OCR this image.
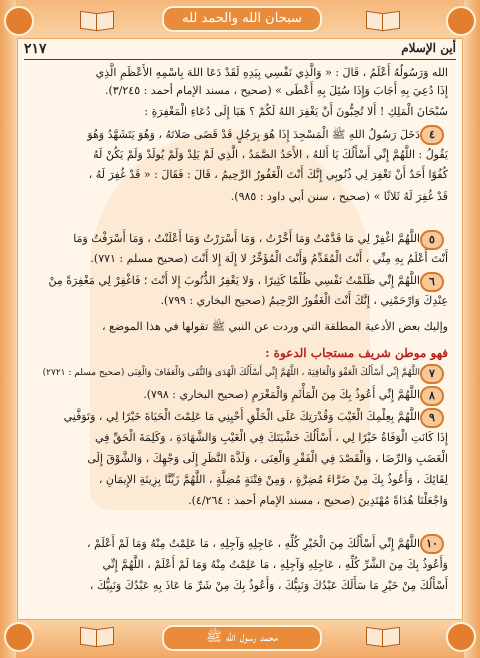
سبحان الله والحمد لله
محمد رسول الله ﷺ
٢١٧	أين الإسلام
الله وَرَسُولُهُ أَعْلَمُ ، قَالَ : « وَالَّذِي نَفْسِي بِيَدِهِ لَقَدْ دَعَا اللهَ بِاسْمِهِ الأَعْظَمِ الَّذِي
إِذَا دُعِيَ بِهِ أَجَابَ وَإِذَا سُئِلَ بِهِ أَعْطَى » (صحيح ، مسند الإمام أحمد : ٣/٢٤٥).
سُبْحَانَ الْمَلِكِ ! أَلا تُحِبُّونَ أَنْ يَغْفِرَ اللهُ لَكُمْ ؟ هَيَا إِلَى دُعَاءِ الْمَغْفِرَةِ :
٤
دَخَلَ رَسُولُ اللهِ ﷺ الْمَسْجِدَ إِذَا هُوَ بِرَجُلٍ قَدْ قَضَى صَلاتَهُ ، وَهُوَ يَتَشَهَّدُ وَهُوَ
يَقُولُ : اللَّهُمَّ إِنِّي أَسْأَلُكَ يَا أَللهُ ، الأَحَدُ الصَّمَدُ ، الَّذِي لَمْ يَلِدْ وَلَمْ يُولَدْ وَلَمْ يَكُنْ لَهُ
كُفُوًا أَحَدٌ أَنْ تَغْفِرَ لِي ذُنُوبِي إِنَّكَ أَنْتَ الْغَفُورُ الرَّحِيمُ ، قَالَ : فَقَالَ : « قَدْ غُفِرَ لَهُ ،
قَدْ غُفِرَ لَهُ ثَلاثًا » (صحيح ، سنن أبي داود : ٩٨٥).
٥
اللَّهُمَّ اغْفِرْ لِي مَا قَدَّمْتُ وَمَا أَخَّرْتُ ، وَمَا أَسْرَرْتُ وَمَا أَعْلَنْتُ ، وَمَا أَسْرَفْتُ وَمَا
أَنْتَ أَعْلَمُ بِهِ مِنِّي ، أَنْتَ الْمُقَدِّمُ وَأَنْتَ الْمُؤَخِّرُ لا إِلَهَ إِلا أَنْتَ (صحيح مسلم : ٧٧١).
٦
اللَّهُمَّ إِنِّي ظَلَمْتُ نَفْسِي ظُلْمًا كَثِيرًا ، وَلا يَغْفِرُ الذُّنُوبَ إِلا أَنْتَ ؛ فَاغْفِرْ لِي مَغْفِرَةً مِنْ
عِنْدِكَ وَارْحَمْنِي ، إِنَّكَ أَنْتَ الْغَفُورُ الرَّحِيمُ (صحيح البخاري : ٧٩٩).
وإليك بعض الأدعية المطلقة التي وردت عن النبي ﷺ تقولها في هذا الموضع ،
فهو موطن شريف مستجاب الدعوة :
٧
اللَّهُمَّ إِنِّي أَسْأَلُكَ الْعَفْوَ وَالْعَافِيَةَ ، اللَّهُمَّ إِنِّي أَسْأَلُكَ الْهُدَى وَالتُّقَى وَالْعَفَافَ وَالْغِنَى (صحيح مسلم : ٢٧٢١)
٨
اللَّهُمَّ إِنِّي أَعُوذُ بِكَ مِنَ الْمَأْثَمِ وَالْمَغْرَمِ (صحيح البخاري : ٧٩٨).
٩
اللَّهُمَّ بِعِلْمِكَ الْغَيْبَ وَقُدْرَتِكَ عَلَى الْخَلْقِ أَحْيِنِي مَا عَلِمْتَ الْحَيَاةَ خَيْرًا لِي ، وَتَوَفَّنِي
إِذَا كَانَتِ الْوَفَاةُ خَيْرًا لِي ، أَسْأَلُكَ خَشْيَتَكَ فِي الْغَيْبِ وَالشَّهَادَةِ ، وَكَلِمَةَ الْحَقِّ فِي
الْغَضَبِ وَالرِّضَا ، وَالْقَصْدَ فِي الْفَقْرِ وَالْغِنَى ، وَلَذَّةَ النَّظَرِ إِلَى وَجْهِكَ ، وَالشَّوْقَ إِلَى
لِقَائِكَ ، وَأَعُوذُ بِكَ مِنْ ضَرَّاءَ مُضِرَّةٍ ، وَمِنْ فِتْنَةٍ مُضِلَّةٍ ، اللَّهُمَّ زَيِّنَّا بِزِينَةِ الإِيمَانِ ،
وَاجْعَلْنَا هُدَاةً مُهْتَدِينَ (صحيح ، مسند الإمام أحمد : ٤/٢٦٤).
١٠
اللَّهُمَّ إِنِّي أَسْأَلُكَ مِنَ الْخَيْرِ كُلِّهِ ، عَاجِلِهِ وَآجِلِهِ ، مَا عَلِمْتُ مِنْهُ وَمَا لَمْ أَعْلَمْ ،
وَأَعُوذُ بِكَ مِنَ الشَّرِّ كُلِّهِ ، عَاجِلِهِ وَآجِلِهِ ، مَا عَلِمْتُ مِنْهُ وَمَا لَمْ أَعْلَمْ ، اللَّهُمَّ إِنِّي
أَسْأَلُكَ مِنْ خَيْرِ مَا سَأَلَكَ عَبْدُكَ وَنَبِيُّكَ ، وَأَعُوذُ بِكَ مِنْ شَرِّ مَا عَاذَ بِهِ عَبْدُكَ وَنَبِيُّكَ ،
